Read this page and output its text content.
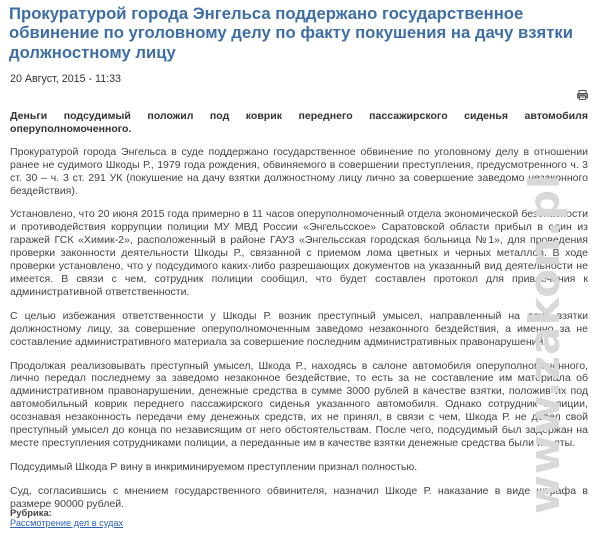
Прокуратурой города Энгельса поддержано государственное обвинение по уголовному делу по факту покушения на дачу взятки должностному лицу
20 Август, 2015 - 11:33

Деньги подсудимый положил под коврик переднего пассажирского сиденья автомобиля оперуполномоченного.

Прокуратурой города Энгельса в суде поддержано государственное обвинение по уголовному делу в отношении ранее не судимого Шкоды Р., 1979 года рождения, обвиняемого в совершении преступления, предусмотренного ч. 3 ст. 30 – ч. 3 ст. 291 УК (покушение на дачу взятки должностному лицу лично за совершение заведомо незаконного бездействия).

Установлено, что 20 июня 2015 года примерно в 11 часов оперуполномоченный отдела экономической безопасности и противодействия коррупции полиции МУ МВД России «Энгельсское» Саратовской области прибыл в один из гаражей ГСК «Химик-2», расположенный в районе ГАУЗ «Энгельсская городская больница №1», для проведения проверки законности деятельности Шкоды Р., связанной с приемом лома цветных и черных металлов. В ходе проверки установлено, что у подсудимого каких-либо разрешающих документов на указанный вид деятельности не имеется. В связи с чем, сотрудник полиции сообщил, что будет составлен протокол для привлечения к административной ответственности.

С целью избежания ответственности у Шкоды Р. возник преступный умысел, направленный на дачу взятки должностному лицу, за совершение оперуполномоченным заведомо незаконного бездействия, а именно за не составление административного материала за совершение последним административных правонарушений.

Продолжая реализовывать преступный умысел, Шкода Р., находясь в салоне автомобиля оперуполномоченного, лично передал последнему за заведомо незаконное бездействие, то есть за не составление им материала об административном правонарушении, денежные средства в сумме 3000 рублей в качестве взятки, положив их под автомобильный коврик переднего пассажирского сиденья указанного автомобиля. Однако сотрудник полиции, осознавая незаконность передачи ему денежных средств, их не принял, в связи с чем, Шкода Р. не довел свой преступный умысел до конца по независящим от него обстоятельствам. После чего, подсудимый был задержан на месте преступления сотрудниками полиции, а переданные им в качестве взятки денежные средства были изъяты.

Подсудимый Шкода Р вину в инкриминируемом преступлении признал полностью.

Суд, согласившись с мнением государственного обвинителя, назначил Шкоде Р. наказание в виде штрафа в размере 90000 рублей.

Рубрика:
Рассмотрение дел в судах
www.zakon.pl
